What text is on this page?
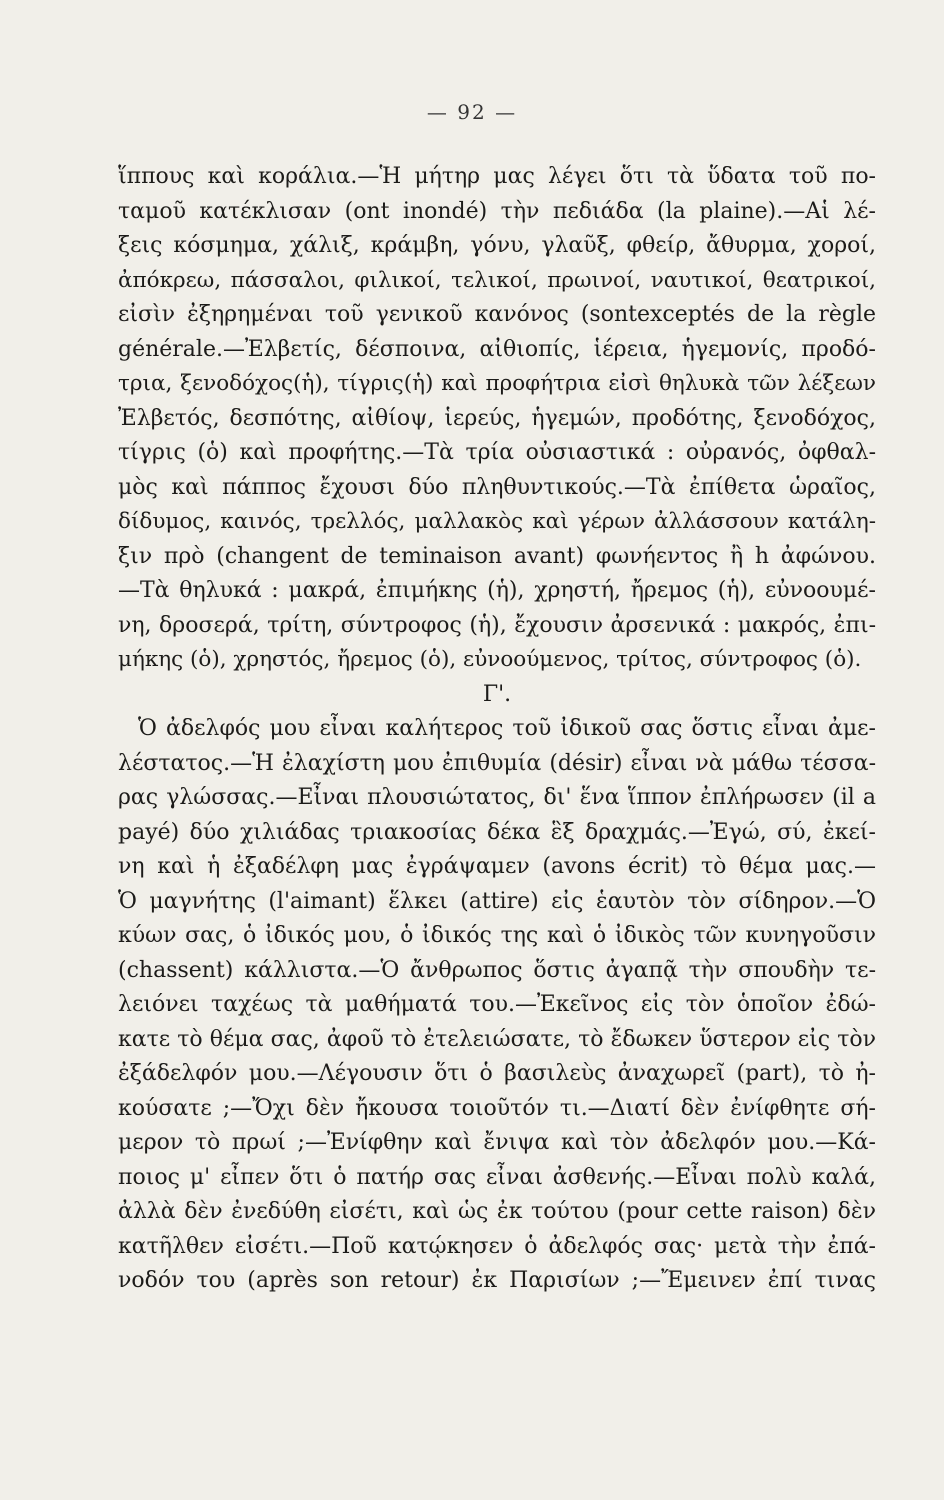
— 92 —
ἵππους καὶ κοράλια.—Ἡ μήτηρ μας λέγει ὅτι τὰ ὕδατα τοῦ πο-
ταμοῦ κατέκλισαν (ont inondé) τὴν πεδιάδα (la plaine).—Αἱ λέ-
ξεις κόσμημα, χάλιξ, κράμβη, γόνυ, γλαῦξ, φθείρ, ἄθυρμα, χοροί,
ἀπόκρεω, πάσσαλοι, φιλικοί, τελικοί, πρωινοί, ναυτικοί, θεατρικοί,
εἰσὶν ἐξηρημέναι τοῦ γενικοῦ κανόνος (sontexceptés de la règle
générale.—Ἐλβετίς, δέσποινα, αἰθιοπίς, ἱέρεια, ἡγεμονίς, προδό-
τρια, ξενοδόχος(ἡ), τίγρις(ἡ) καὶ προφήτρια εἰσὶ θηλυκὰ τῶν λέξεων
Ἐλβετός, δεσπότης, αἰθίοψ, ἱερεύς, ἡγεμών, προδότης, ξενοδόχος,
τίγρις (ὁ) καὶ προφήτης.—Τὰ τρία οὐσιαστικά : οὐρανός, ὀφθαλ-
μὸς καὶ πάππος ἔχουσι δύο πληθυντικούς.—Τὰ ἐπίθετα ὡραῖος,
δίδυμος, καινός, τρελλός, μαλλακὸς καὶ γέρων ἀλλάσσουν κατάλη-
ξιν πρὸ (changent de teminaison avant) φωνήεντος ἢ h ἀφώνου.
—Τὰ θηλυκά : μακρά, ἐπιμήκης (ἡ), χρηστή, ἤρεμος (ἡ), εὐνοουμέ-
νη, δροσερά, τρίτη, σύντροφος (ἡ), ἔχουσιν ἀρσενικά : μακρός, ἐπι-
μήκης (ὁ), χρηστός, ἤρεμος (ὁ), εὐνοούμενος, τρίτος, σύντροφος (ὁ).
Γ'.
Ὁ ἀδελφός μου εἶναι καλήτερος τοῦ ἰδικοῦ σας ὅστις εἶναι ἀμε-
λέστατος.—Ἡ ἐλαχίστη μου ἐπιθυμία (désir) εἶναι νὰ μάθω τέσσα-
ρας γλώσσας.—Εἶναι πλουσιώτατος, δι' ἕνα ἵππον ἐπλήρωσεν (il a
payé) δύο χιλιάδας τριακοσίας δέκα ἓξ δραχμάς.—Ἐγώ, σύ, ἐκεί-
νη καὶ ἡ ἐξαδέλφη μας ἐγράψαμεν (avons écrit) τὸ θέμα μας.—
Ὁ μαγνήτης (l'aimant) ἕλκει (attire) εἰς ἑαυτὸν τὸν σίδηρον.—Ὁ
κύων σας, ὁ ἰδικός μου, ὁ ἰδικός της καὶ ὁ ἰδικὸς τῶν κυνηγοῦσιν
(chassent) κάλλιστα.—Ὁ ἄνθρωπος ὅστις ἀγαπᾷ τὴν σπουδὴν τε-
λειόνει ταχέως τὰ μαθήματά του.—Ἐκεῖνος εἰς τὸν ὁποῖον ἐδώ-
κατε τὸ θέμα σας, ἀφοῦ τὸ ἐτελειώσατε, τὸ ἔδωκεν ὕστερον εἰς τὸν
ἐξάδελφόν μου.—Λέγουσιν ὅτι ὁ βασιλεὺς ἀναχωρεῖ (part), τὸ ἠ-
κούσατε ;—Ὄχι δὲν ἤκουσα τοιοῦτόν τι.—Διατί δὲν ἐνίφθητε σή-
μερον τὸ πρωί ;—Ἐνίφθην καὶ ἔνιψα καὶ τὸν ἀδελφόν μου.—Κά-
ποιος μ' εἶπεν ὅτι ὁ πατήρ σας εἶναι ἀσθενής.—Εἶναι πολὺ καλά,
ἀλλὰ δὲν ἐνεδύθη εἰσέτι, καὶ ὡς ἐκ τούτου (pour cette raison) δὲν
κατῆλθεν εἰσέτι.—Ποῦ κατῴκησεν ὁ ἀδελφός σας· μετὰ τὴν ἐπά-
νοδόν του (après son retour) ἐκ Παρισίων ;—Ἔμεινεν ἐπί τινας
